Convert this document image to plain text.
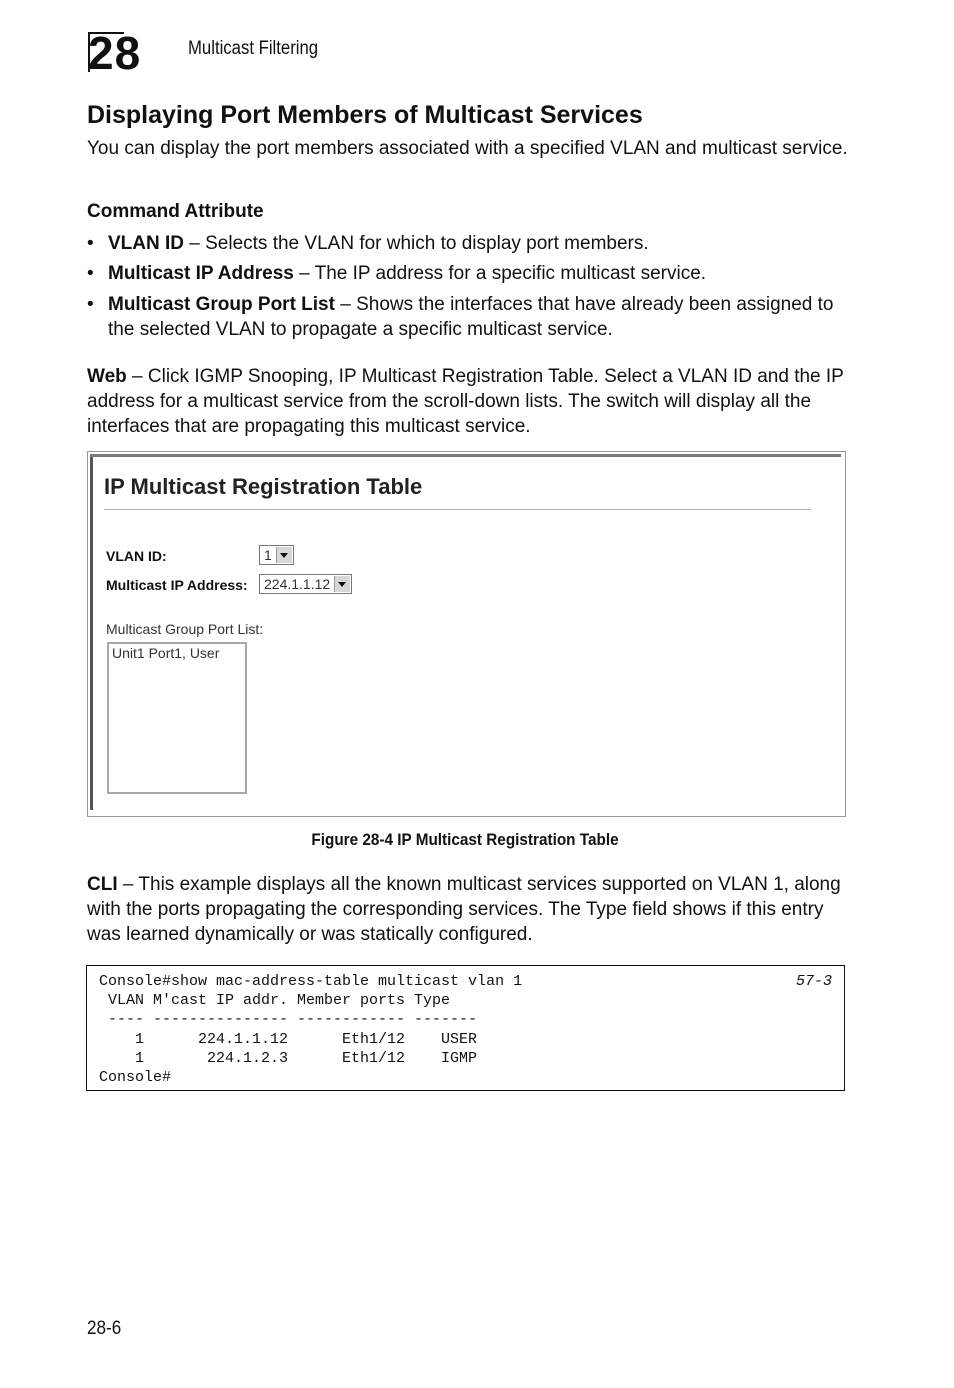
28 Multicast Filtering
Displaying Port Members of Multicast Services

You can display the port members associated with a specified VLAN and multicast service.

Command Attribute

• VLAN ID – Selects the VLAN for which to display port members.
• Multicast IP Address – The IP address for a specific multicast service.
• Multicast Group Port List – Shows the interfaces that have already been assigned to the selected VLAN to propagate a specific multicast service.

Web – Click IGMP Snooping, IP Multicast Registration Table. Select a VLAN ID and the IP address for a multicast service from the scroll-down lists. The switch will display all the interfaces that are propagating this multicast service.

IP Multicast Registration Table
VLAN ID:	1
Multicast IP Address: 224.1.1.12
Multicast Group Port List:
Unit1 Port1, User
Figure 28-4 IP Multicast Registration Table

CLI – This example displays all the known multicast services supported on VLAN 1, along with the ports propagating the corresponding services. The Type field shows if this entry was learned dynamically or was statically configured.

57-3
Console#show mac-address-table multicast vlan 1
VLAN M'cast IP addr. Member ports Type
---- --------------- ------------ -------
1      224.1.1.12      Eth1/12    USER
1       224.1.2.3      Eth1/12    IGMP
Console#
28-6
